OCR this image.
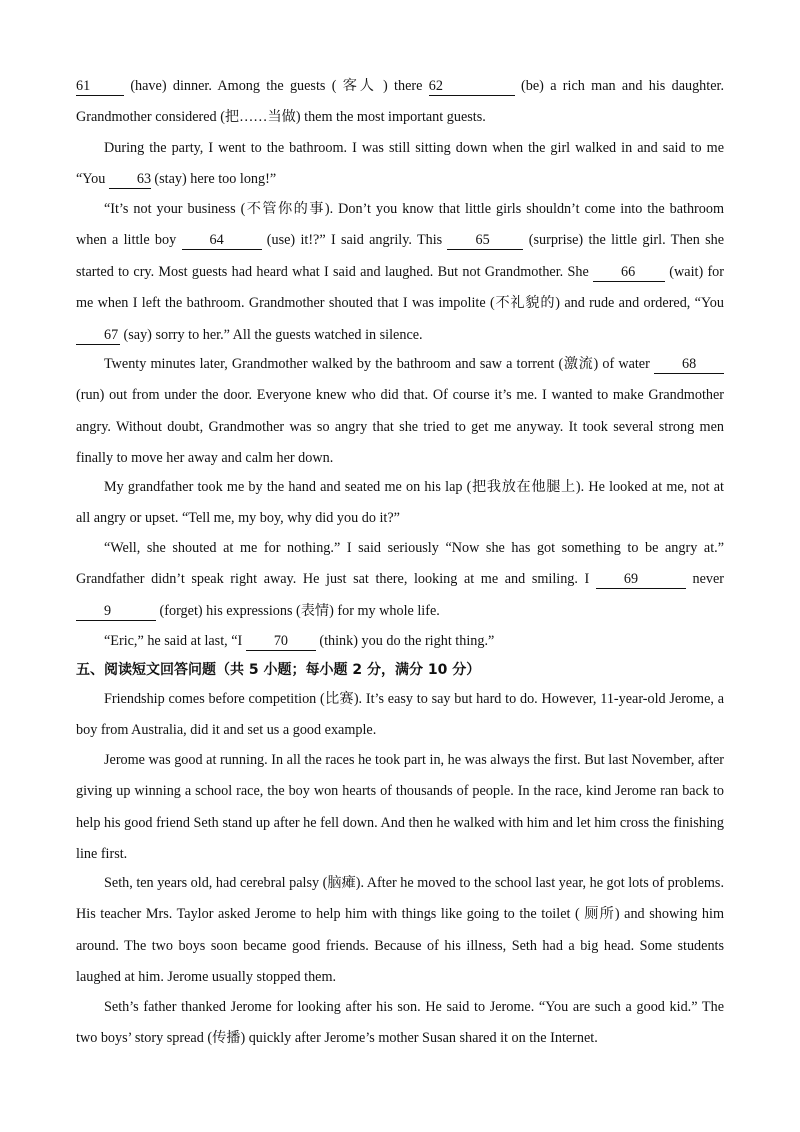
61 (have) dinner. Among the guests ( 客人 ) there 62	(be) a rich man and his daughter. Grandmother considered (把……当做) them the most important guests.

During the party, I went to the bathroom. I was still sitting down when the girl walked in and said to me “You 63 (stay) here too long!”

“It’s not your business (不管你的事). Don’t you know that little girls shouldn’t come into the bathroom when a little boy 64	(use) it!?” I said angrily. This 65 (surprise) the little girl. Then she started to cry. Most guests had heard what I said and laughed. But not Grandmother. She 66 (wait) for me when I left the bathroom. Grandmother shouted that I was impolite (不礼貌的) and rude and ordered, “You 67 (say) sorry to her.” All the guests watched in silence.

Twenty minutes later, Grandmother walked by the bathroom and saw a torrent (激流) of water 68 (run) out from under the door. Everyone knew who did that. Of course it’s me. I wanted to make Grandmother angry. Without doubt, Grandmother was so angry that she tried to get me anyway. It took several strong men finally to move her away and calm her down.

My grandfather took me by the hand and seated me on his lap (把我放在他腿上). He looked at me, not at all angry or upset. “Tell me, my boy, why did you do it?”

“Well, she shouted at me for nothing.” I said seriously “Now she has got something to be angry at.” Grandfather didn’t speak right away. He just sat there, looking at me and smiling. I 69	never 9	(forget) his expressions (表情) for my whole life.

“Eric,” he said at last, “I 70 (think) you do the right thing.”

五、阅读短文回答问题（共 5 小题；每小题 2 分，满分 10 分）

Friendship comes before competition (比赛). It’s easy to say but hard to do. However, 11-year-old Jerome, a boy from Australia, did it and set us a good example.

Jerome was good at running. In all the races he took part in, he was always the first. But last November, after giving up winning a school race, the boy won hearts of thousands of people. In the race, kind Jerome ran back to help his good friend Seth stand up after he fell down. And then he walked with him and let him cross the finishing line first.

Seth, ten years old, had cerebral palsy (脑瘫). After he moved to the school last year, he got lots of problems. His teacher Mrs. Taylor asked Jerome to help him with things like going to the toilet ( 厕所) and showing him around. The two boys soon became good friends. Because of his illness, Seth had a big head. Some students laughed at him. Jerome usually stopped them.

Seth’s father thanked Jerome for looking after his son. He said to Jerome. “You are such a good kid.” The two boys’ story spread (传播) quickly after Jerome’s mother Susan shared it on the Internet.
